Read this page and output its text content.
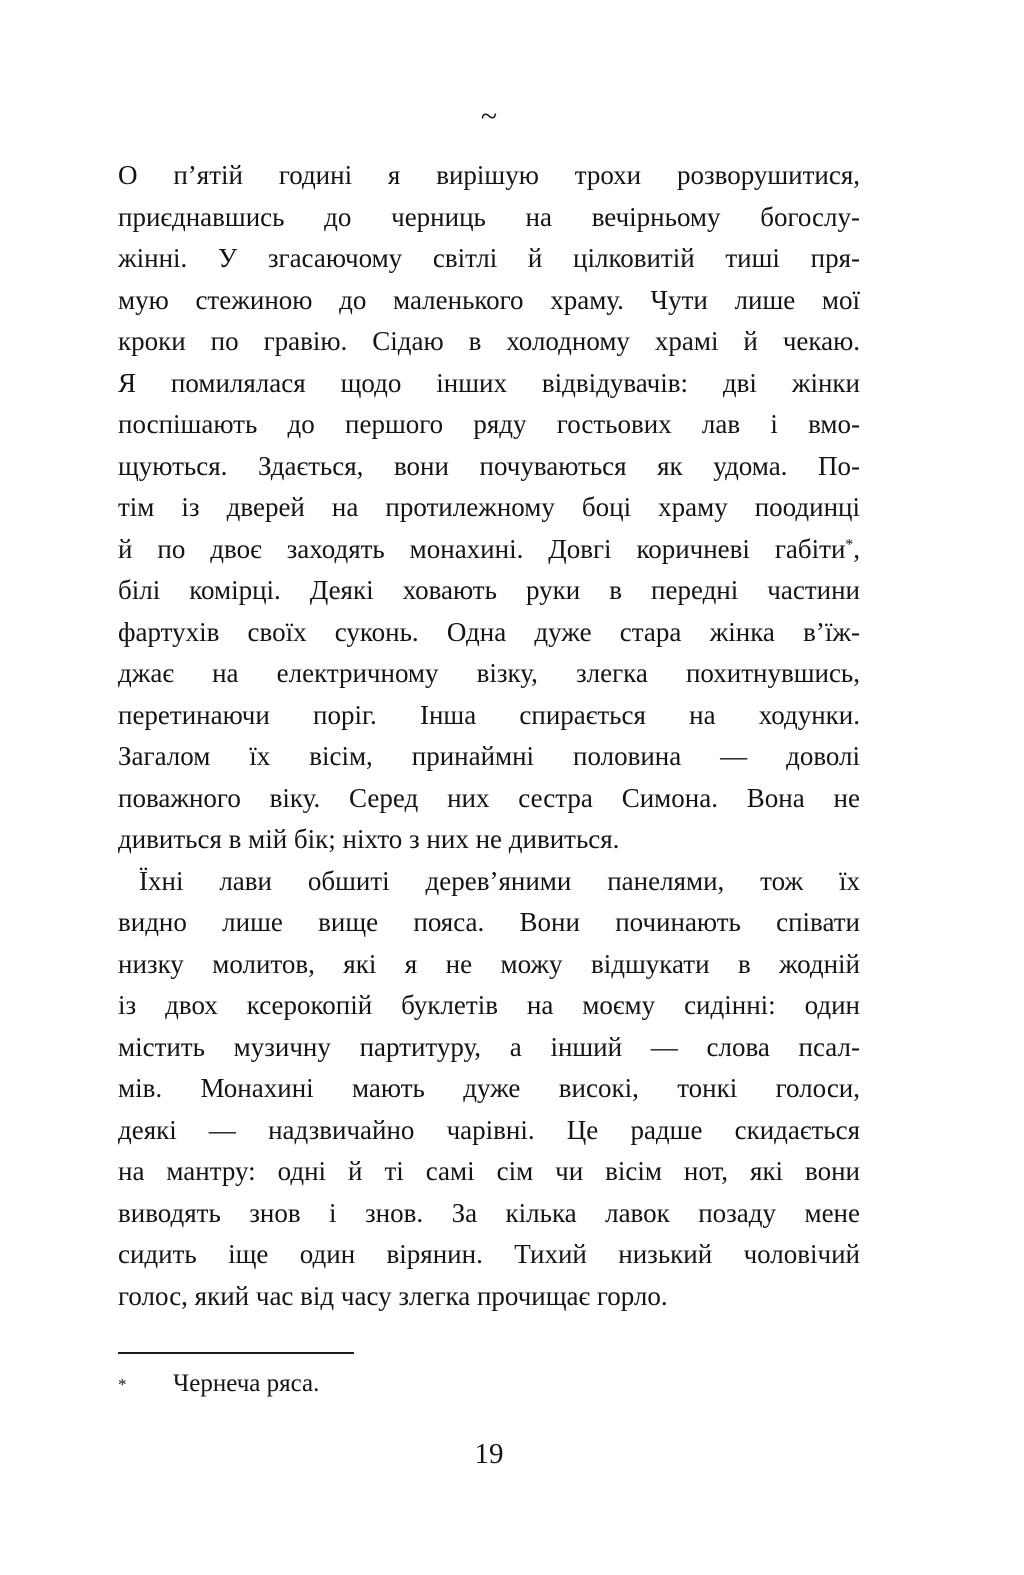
~
О п’ятій годині я вирішую трохи розворушитися,
приєднавшись до черниць на вечірньому богослу-
жінні. У згасаючому світлі й цілковитій тиші пря-
мую стежиною до маленького храму. Чути лише мої
кроки по гравію. Сідаю в холодному храмі й чекаю.
Я помилялася щодо інших відвідувачів: дві жінки
поспішають до першого ряду гостьових лав і вмо-
щуються. Здається, вони почуваються як удома. По-
тім із дверей на протилежному боці храму поодинці
й по двоє заходять монахині. Довгі коричневі габіти*,
білі комірці. Деякі ховають руки в передні частини
фартухів своїх суконь. Одна дуже стара жінка в’їж-
джає на електричному візку, злегка похитнувшись,
перетинаючи поріг. Інша спирається на ходунки.
Загалом їх вісім, принаймні половина — доволі
поважного віку. Серед них сестра Симона. Вона не
дивиться в мій бік; ніхто з них не дивиться.
Їхні лави обшиті дерев’яними панелями, тож їх
видно лише вище пояса. Вони починають співати
низку молитов, які я не можу відшукати в жодній
із двох ксерокопій буклетів на моєму сидінні: один
містить музичну партитуру, а інший — слова псал-
мів. Монахині мають дуже високі, тонкі голоси,
деякі — надзвичайно чарівні. Це радше скидається
на мантру: одні й ті самі сім чи вісім нот, які вони
виводять знов і знов. За кілька лавок позаду мене
сидить іще один вірянин. Тихий низький чоловічий
голос, який час від часу злегка прочищає горло.
* Чернеча ряса.
19
